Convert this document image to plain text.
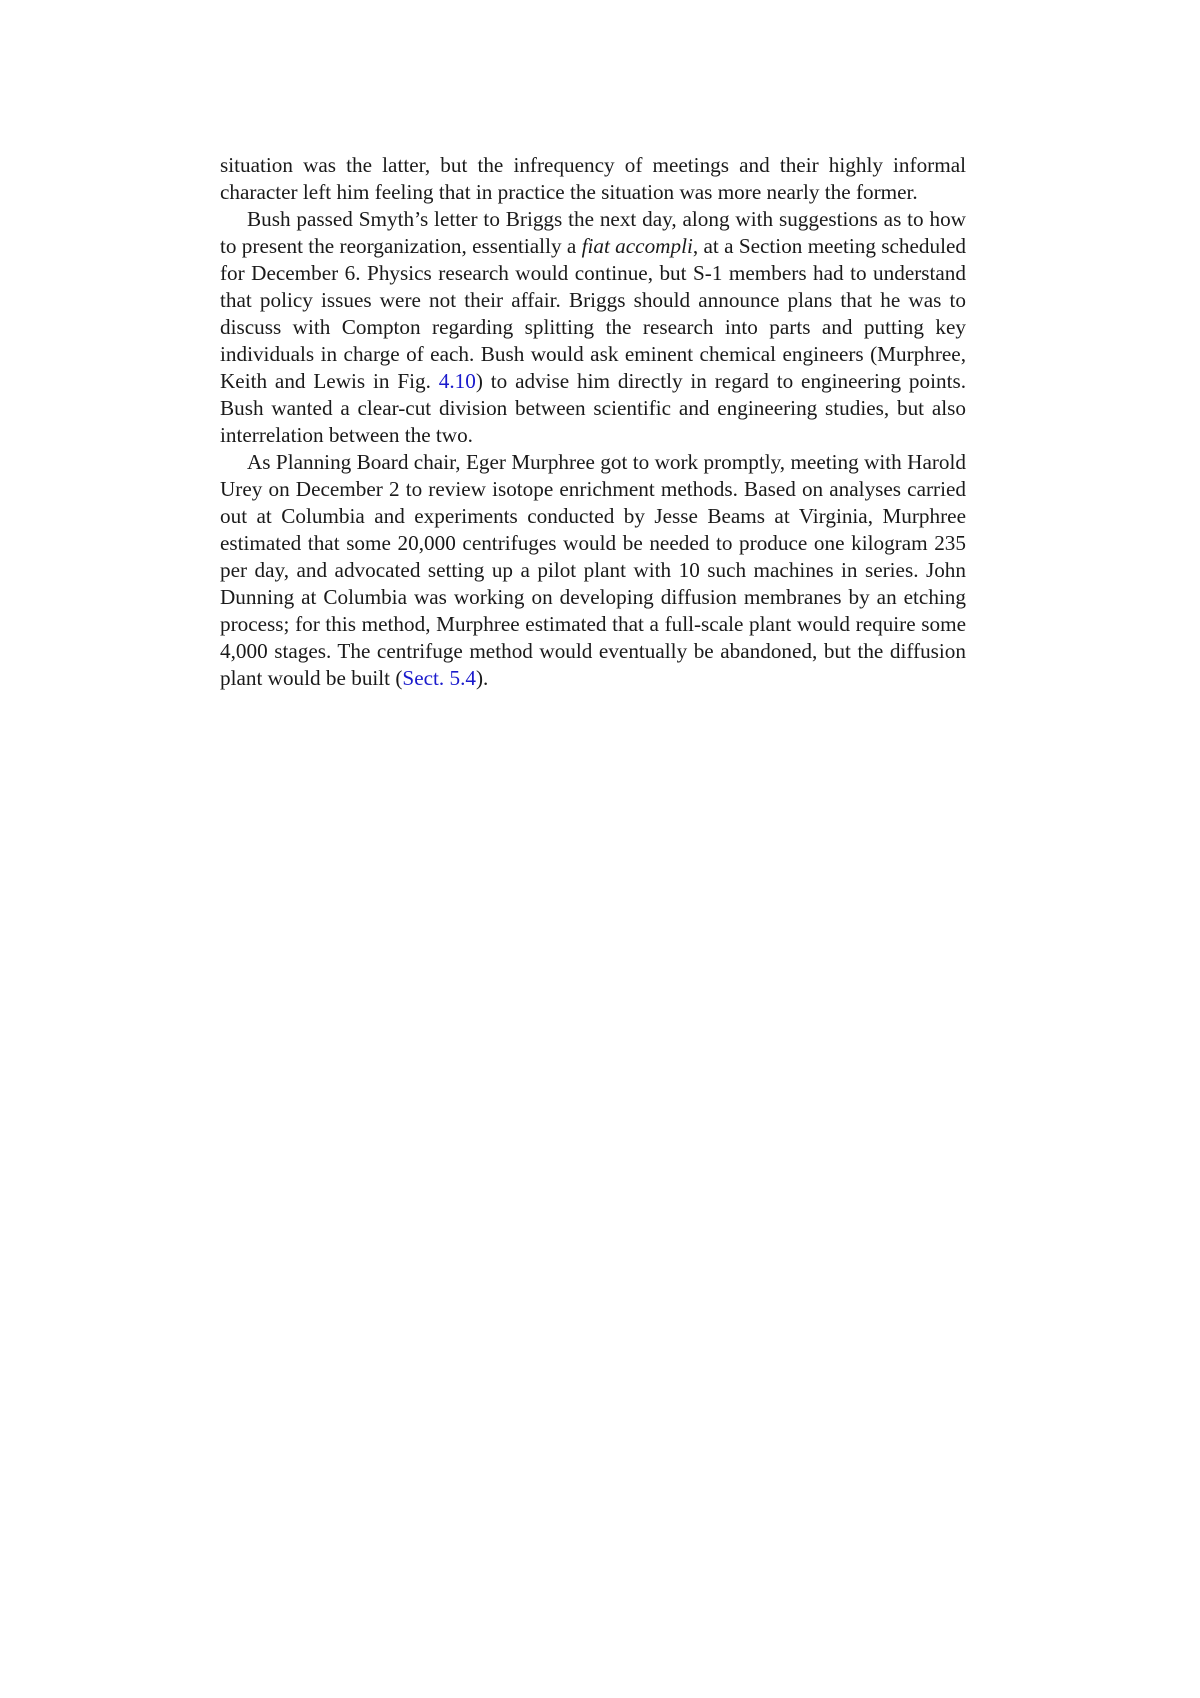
situation was the latter, but the infrequency of meetings and their highly informal character left him feeling that in practice the situation was more nearly the former.

Bush passed Smyth’s letter to Briggs the next day, along with suggestions as to how to present the reorganization, essentially a fiat accompli, at a Section meeting scheduled for December 6. Physics research would continue, but S-1 members had to understand that policy issues were not their affair. Briggs should announce plans that he was to discuss with Compton regarding splitting the research into parts and putting key individuals in charge of each. Bush would ask eminent chemical engineers (Murphree, Keith and Lewis in Fig. 4.10) to advise him directly in regard to engineering points. Bush wanted a clear-cut division between scientific and engineering studies, but also interrelation between the two.

As Planning Board chair, Eger Murphree got to work promptly, meeting with Harold Urey on December 2 to review isotope enrichment methods. Based on analyses carried out at Columbia and experiments conducted by Jesse Beams at Virginia, Murphree estimated that some 20,000 centrifuges would be needed to produce one kilogram 235 per day, and advocated setting up a pilot plant with 10 such machines in series. John Dunning at Columbia was working on developing diffusion membranes by an etching process; for this method, Murphree estimated that a full-scale plant would require some 4,000 stages. The centrifuge method would eventually be abandoned, but the diffusion plant would be built (Sect. 5.4).
